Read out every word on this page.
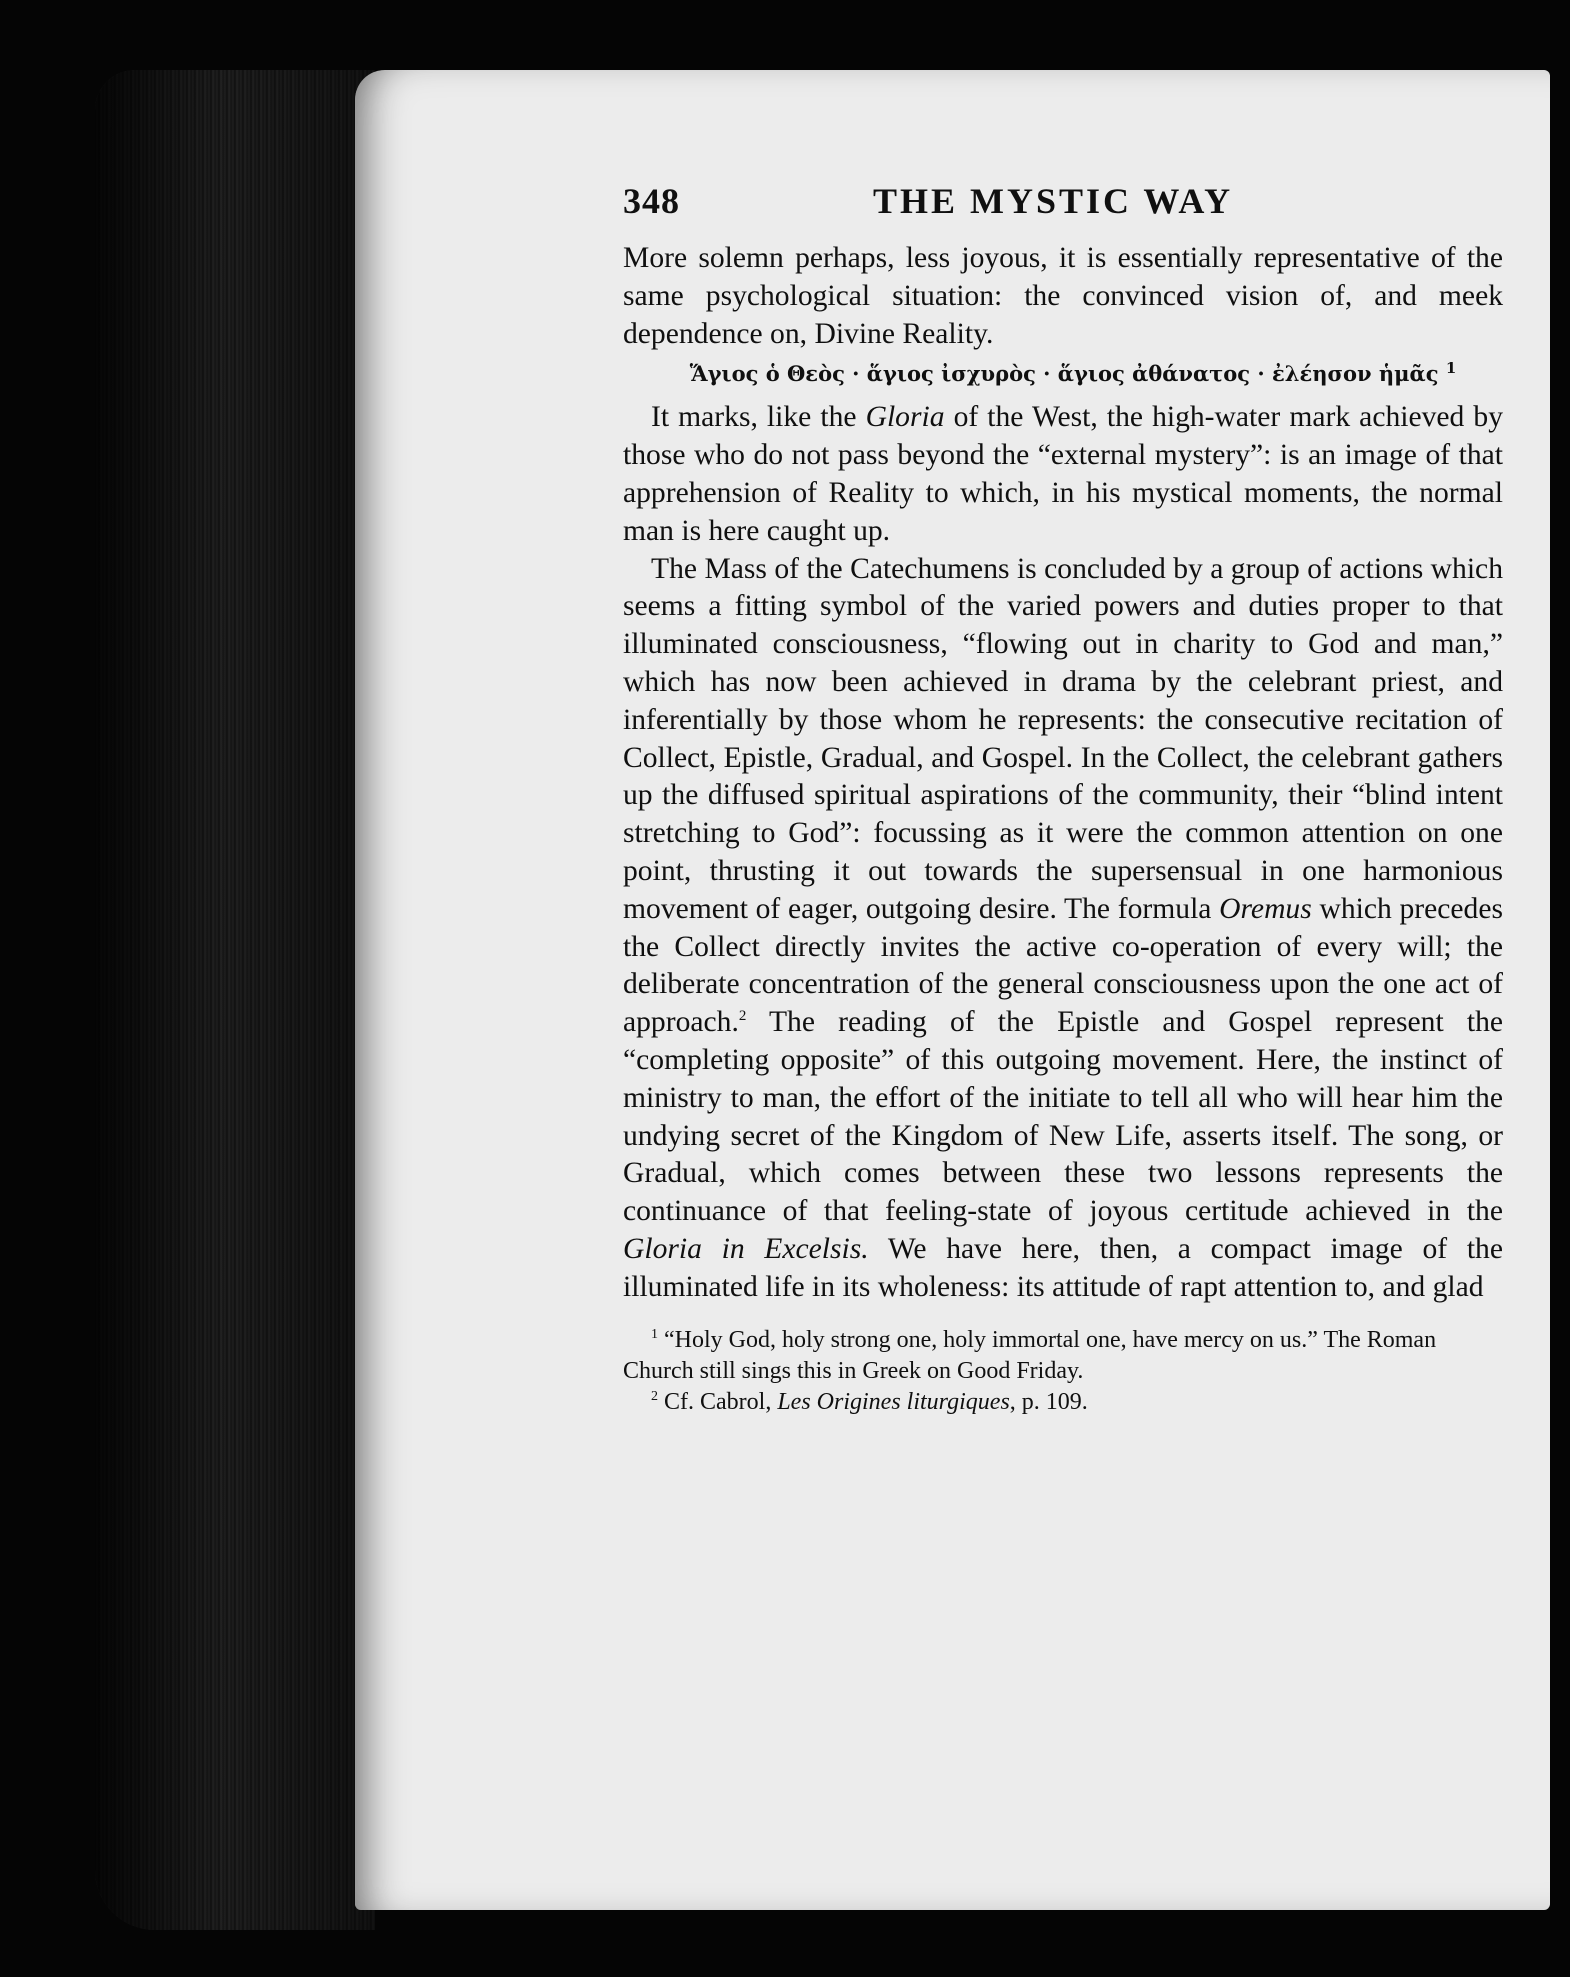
348	THE MYSTIC WAY

More solemn perhaps, less joyous, it is essentially representative of the same psychological situation: the convinced vision of, and meek dependence on, Divine Reality.

Ἅγιος ὁ Θεὸς · ἅγιος ἰσχυρὸς · ἅγιος ἀθάνατος · ἐλέησον ἡμᾶς $^1$

It marks, like the Gloria of the West, the high-water mark achieved by those who do not pass beyond the “external mystery”: is an image of that apprehension of Reality to which, in his mystical moments, the normal man is here caught up.

The Mass of the Catechumens is concluded by a group of actions which seems a fitting symbol of the varied powers and duties proper to that illuminated consciousness, “flowing out in charity to God and man,” which has now been achieved in drama by the celebrant priest, and inferentially by those whom he represents: the consecutive recitation of Collect, Epistle, Gradual, and Gospel. In the Collect, the celebrant gathers up the diffused spiritual aspirations of the community, their “blind intent stretching to God”: focussing as it were the common attention on one point, thrusting it out towards the supersensual in one harmonious movement of eager, outgoing desire. The formula Oremus which precedes the Collect directly invites the active co-operation of every will; the deliberate concentration of the general consciousness upon the one act of approach.$^2$ The reading of the Epistle and Gospel represent the “completing opposite” of this outgoing movement. Here, the instinct of ministry to man, the effort of the initiate to tell all who will hear him the undying secret of the Kingdom of New Life, asserts itself. The song, or Gradual, which comes between these two lessons represents the continuance of that feeling-state of joyous certitude achieved in the Gloria in Excelsis. We have here, then, a compact image of the illuminated life in its wholeness: its attitude of rapt attention to, and glad

$^1$ “Holy God, holy strong one, holy immortal one, have mercy on us.” The Roman Church still sings this in Greek on Good Friday.

$^2$ Cf. Cabrol, Les Origines liturgiques, p. 109.
